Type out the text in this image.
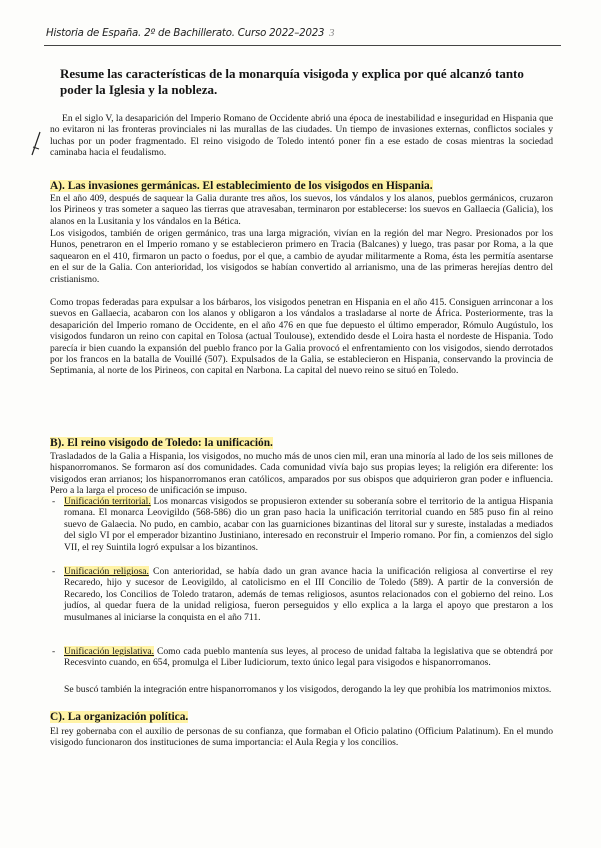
Historia de España. 2º de Bachillerato. Curso 2022–2023 3
Resume las características de la monarquía visigoda y explica por qué alcanzó tanto poder la Iglesia y la nobleza.

En el siglo V, la desaparición del Imperio Romano de Occidente abrió una época de inestabilidad e inseguridad en Hispania que no evitaron ni las fronteras provinciales ni las murallas de las ciudades. Un tiempo de invasiones externas, conflictos sociales y luchas por un poder fragmentado. El reino visigodo de Toledo intentó poner fin a ese estado de cosas mientras la sociedad caminaba hacia el feudalismo.

A). Las invasiones germánicas. El establecimiento de los visigodos en Hispania.

En el año 409, después de saquear la Galia durante tres años, los suevos, los vándalos y los alanos, pueblos germánicos, cruzaron los Pirineos y tras someter a saqueo las tierras que atravesaban, terminaron por establecerse: los suevos en Gallaecia (Galicia), los alanos en la Lusitania y los vándalos en la Bética.

Los visigodos, también de origen germánico, tras una larga migración, vivían en la región del mar Negro. Presionados por los Hunos, penetraron en el Imperio romano y se establecieron primero en Tracia (Balcanes) y luego, tras pasar por Roma, a la que saquearon en el 410, firmaron un pacto o foedus, por el que, a cambio de ayudar militarmente a Roma, ésta les permitía asentarse en el sur de la Galia. Con anterioridad, los visigodos se habían convertido al arrianismo, una de las primeras herejías dentro del cristianismo.

Como tropas federadas para expulsar a los bárbaros, los visigodos penetran en Hispania en el año 415. Consiguen arrinconar a los suevos en Gallaecia, acabaron con los alanos y obligaron a los vándalos a trasladarse al norte de África. Posteriormente, tras la desaparición del Imperio romano de Occidente, en el año 476 en que fue depuesto el último emperador, Rómulo Augústulo, los visigodos fundaron un reino con capital en Tolosa (actual Toulouse), extendido desde el Loira hasta el nordeste de Hispania. Todo parecía ir bien cuando la expansión del pueblo franco por la Galia provocó el enfrentamiento con los visigodos, siendo derrotados por los francos en la batalla de Vouillé (507). Expulsados de la Galia, se establecieron en Hispania, conservando la provincia de Septimania, al norte de los Pirineos, con capital en Narbona. La capital del nuevo reino se situó en Toledo.

B). El reino visigodo de Toledo: la unificación.

Trasladados de la Galia a Hispania, los visigodos, no mucho más de unos cien mil, eran una minoría al lado de los seis millones de hispanorromanos. Se formaron así dos comunidades. Cada comunidad vivía bajo sus propias leyes; la religión era diferente: los visigodos eran arrianos; los hispanorromanos eran católicos, amparados por sus obispos que adquirieron gran poder e influencia. Pero a la larga el proceso de unificación se impuso.

- Unificación territorial. Los monarcas visigodos se propusieron extender su soberanía sobre el territorio de la antigua Hispania romana. El monarca Leovigildo (568-586) dio un gran paso hacia la unificación territorial cuando en 585 puso fin al reino suevo de Galaecia. No pudo, en cambio, acabar con las guarniciones bizantinas del litoral sur y sureste, instaladas a mediados del siglo VI por el emperador bizantino Justiniano, interesado en reconstruir el Imperio romano. Por fin, a comienzos del siglo VII, el rey Suintila logró expulsar a los bizantinos.
- Unificación religiosa. Con anterioridad, se había dado un gran avance hacia la unificación religiosa al convertirse el rey Recaredo, hijo y sucesor de Leovigildo, al catolicismo en el III Concilio de Toledo (589). A partir de la conversión de Recaredo, los Concilios de Toledo trataron, además de temas religiosos, asuntos relacionados con el gobierno del reino. Los judíos, al quedar fuera de la unidad religiosa, fueron perseguidos y ello explica a la larga el apoyo que prestaron a los musulmanes al iniciarse la conquista en el año 711.
- Unificación legislativa. Como cada pueblo mantenía sus leyes, al proceso de unidad faltaba la legislativa que se obtendrá por Recesvinto cuando, en 654, promulga el Liber Iudiciorum, texto único legal para visigodos e hispanorromanos.

Se buscó también la integración entre hispanorromanos y los visigodos, derogando la ley que prohibía los matrimonios mixtos.

C). La organización política.

El rey gobernaba con el auxilio de personas de su confianza, que formaban el Oficio palatino (Officium Palatinum). En el mundo visigodo funcionaron dos instituciones de suma importancia: el Aula Regia y los concilios.
